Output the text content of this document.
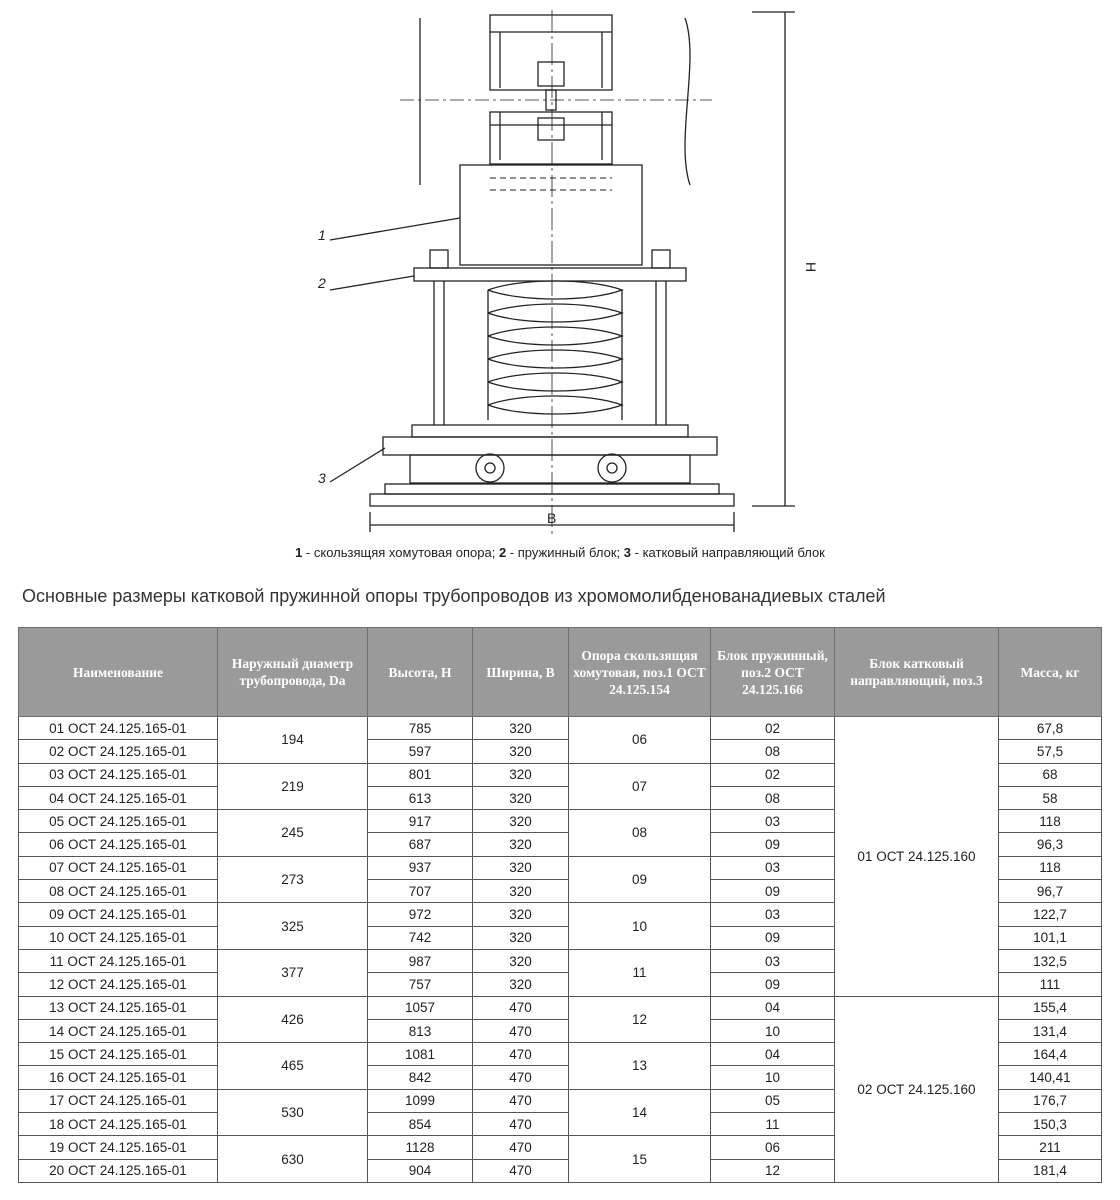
1
2
3
B
H
1 - скользящяя хомутовая опора; 2 - пружинный блок; 3 - катковый направляющий блок
Основные размеры катковой пружинной опоры трубопроводов из хромомолибденованадиевых сталей
Наименование	Наружный диаметр трубопровода, Da	Высота, H	Ширина, B	Опора скользящяя хомутовая, поз.1 ОСТ 24.125.154	Блок пружинный, поз.2 ОСТ 24.125.166	Блок катковый направляющий, поз.3	Масса, кг
01 ОСТ 24.125.165-01	194	785	320	06	02	01 ОСТ 24.125.160	67,8
02 ОСТ 24.125.165-01		597	320		08		57,5
03 ОСТ 24.125.165-01	219	801	320	07	02		68
04 ОСТ 24.125.165-01		613	320		08		58
05 ОСТ 24.125.165-01	245	917	320	08	03		118
06 ОСТ 24.125.165-01		687	320		09		96,3
07 ОСТ 24.125.165-01	273	937	320	09	03		118
08 ОСТ 24.125.165-01		707	320		09		96,7
09 ОСТ 24.125.165-01	325	972	320	10	03		122,7
10 ОСТ 24.125.165-01		742	320		09		101,1
11 ОСТ 24.125.165-01	377	987	320	11	03		132,5
12 ОСТ 24.125.165-01		757	320		09		111
13 ОСТ 24.125.165-01	426	1057	470	12	04	02 ОСТ 24.125.160	155,4
14 ОСТ 24.125.165-01		813	470		10		131,4
15 ОСТ 24.125.165-01	465	1081	470	13	04		164,4
16 ОСТ 24.125.165-01		842	470		10		140,41
17 ОСТ 24.125.165-01	530	1099	470	14	05		176,7
18 ОСТ 24.125.165-01		854	470		11		150,3
19 ОСТ 24.125.165-01	630	1128	470	15	06		211
20 ОСТ 24.125.165-01		904	470		12		181,4
